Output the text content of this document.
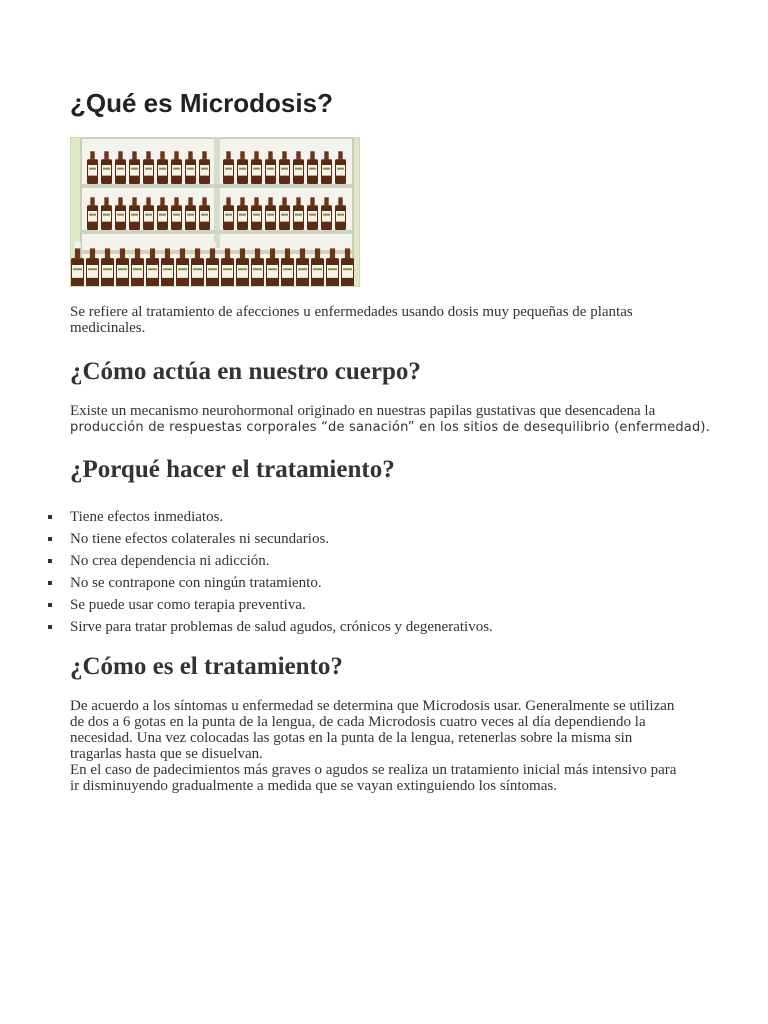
¿Qué es Microdosis?

Se refiere al tratamiento de afecciones u enfermedades usando dosis muy pequeñas de plantas medicinales.

¿Cómo actúa en nuestro cuerpo?

Existe un mecanismo neurohormonal originado en nuestras papilas gustativas que desencadena la
producción de respuestas corporales “de sanación” en los sitios de desequilibrio (enfermedad).

¿Porqué hacer el tratamiento?
Tiene efectos inmediatos.
No tiene efectos colaterales ni secundarios.
No crea dependencia ni adicción.
No se contrapone con ningún tratamiento.
Se puede usar como terapia preventiva.
Sirve para tratar problemas de salud agudos, crónicos y degenerativos.
¿Cómo es el tratamiento?

De acuerdo a los síntomas u enfermedad se determina que Microdosis usar. Generalmente se utilizan
de dos a 6 gotas en la punta de la lengua, de cada Microdosis cuatro veces al día dependiendo la
necesidad. Una vez colocadas las gotas en la punta de la lengua, retenerlas sobre la misma sin
tragarlas hasta que se disuelvan.
En el caso de padecimientos más graves o agudos se realiza un tratamiento inicial más intensivo para
ir disminuyendo gradualmente a medida que se vayan extinguiendo los síntomas.
